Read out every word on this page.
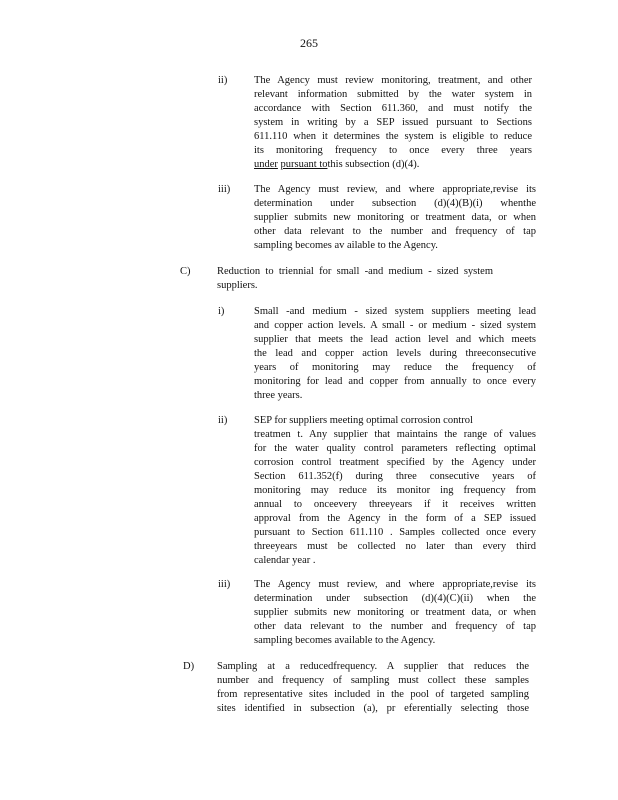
265
ii)	The Agency must review monitoring, treatment, and other
relevant information submitted by the water system in
accordance with Section 611.360, and must notify the
system in writing by a SEP issued pursuant to Sections
611.110 when it determines the system is eligible to reduce
its monitoring frequency to once every three years
under pursuant tothis subsection (d)(4).
iii) The Agency must review, and where appropriate,revise its
determination under subsection (d)(4)(B)(i) whenthe
supplier submits new monitoring or treatment data, or when
other data relevant to the number and frequency of tap
sampling becomes av ailable to the Agency.
C)	Reduction to triennial for small -and medium - sized system
suppliers.
i)	Small -and medium - sized system suppliers meeting lead
and copper action levels. A small - or medium - sized system
supplier that meets the lead action level and which meets
the lead and copper action levels during threeconsecutive
years of monitoring may reduce the frequency of
monitoring for lead and copper from annually to once every
three years.
ii)	SEP for suppliers meeting optimal corrosion control
treatmen t. Any supplier that maintains the range of values
for the water quality control parameters reflecting optimal
corrosion control treatment specified by the Agency under
Section 611.352(f) during three consecutive years of
monitoring may reduce its monitor ing frequency from
annual to onceevery threeyears if it receives written
approval from the Agency in the form of a SEP issued
pursuant to Section 611.110 . Samples collected once every
threeyears must be collected no later than every third
calendar year .
iii) The Agency must review, and where appropriate,revise its
determination under subsection (d)(4)(C)(ii) when the
supplier submits new monitoring or treatment data, or when
other data relevant to the number and frequency of tap
sampling becomes available to the Agency.
D) Sampling at a reducedfrequency. A supplier that reduces the
number and frequency of sampling must collect these samples
from representative sites included in the pool of targeted sampling
sites identified in subsection (a), pr eferentially selecting those
